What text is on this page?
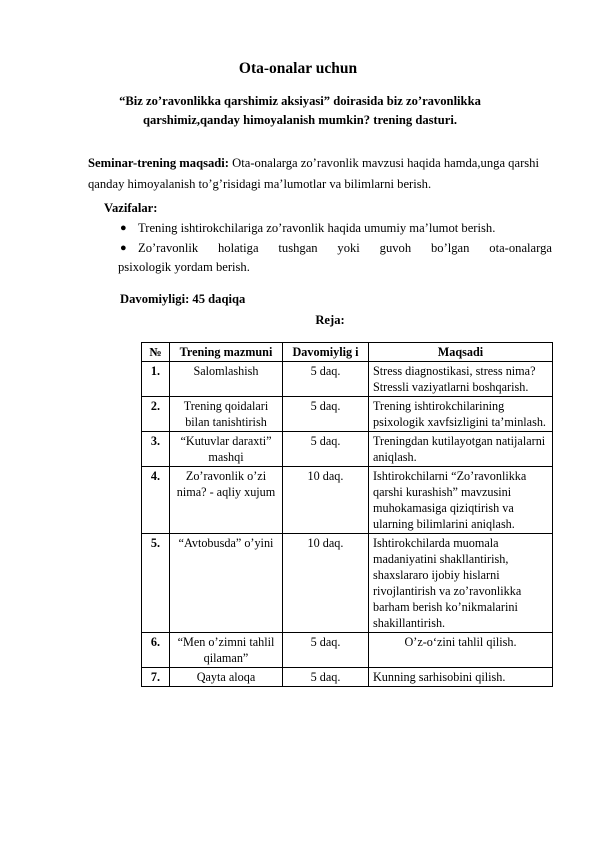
Ota-onalar uchun
“Biz zo’ravonlikka qarshimiz aksiyasi” doirasida biz zo’ravonlikka qarshimiz,qanday himoyalanish mumkin? trening dasturi.
Seminar-trening maqsadi: Ota-onalarga zo’ravonlik mavzusi haqida hamda,unga qarshi qanday himoyalanish to’g’risidagi ma’lumotlar va bilimlarni berish.
Vazifalar:
● Trening ishtirokchilariga zo’ravonlik haqida umumiy ma’lumot berish.
● Zo’ravonlik holatiga tushgan yoki guvoh bo’lgan ota-onalarga
psixologik yordam berish.
Davomiyligi: 45 daqiqa
Reja:
№	Trening mazmuni	Davomiylig i	Maqsadi
1.	Salomlashish	5 daq.	Stress diagnostikasi, stress nima? Stressli vaziyatlarni boshqarish.
2.	Trening qoidalari bilan tanishtirish	5 daq.	Trening ishtirokchilarining psixologik xavfsizligini ta’minlash.
3.	“Kutuvlar daraxti” mashqi	5 daq.	Treningdan kutilayotgan natijalarni aniqlash.
4.	Zo’ravonlik o’zi nima? - aqliy xujum	10 daq.	Ishtirokchilarni “Zo’ravonlikka qarshi kurashish” mavzusini muhokamasiga qiziqtirish va ularning bilimlarini aniqlash.
5.	“Avtobusda” o’yini	10 daq.	Ishtirokchilarda muomala madaniyatini shakllantirish, shaxslararo ijobiy hislarni rivojlantirish va zo’ravonlikka barham berish ko’nikmalarini shakillantirish.
6.	“Men o’zimni tahlil qilaman”	5 daq.	O’z-o‘zini tahlil qilish.
7.	Qayta aloqa	5 daq.	Kunning sarhisobini qilish.
